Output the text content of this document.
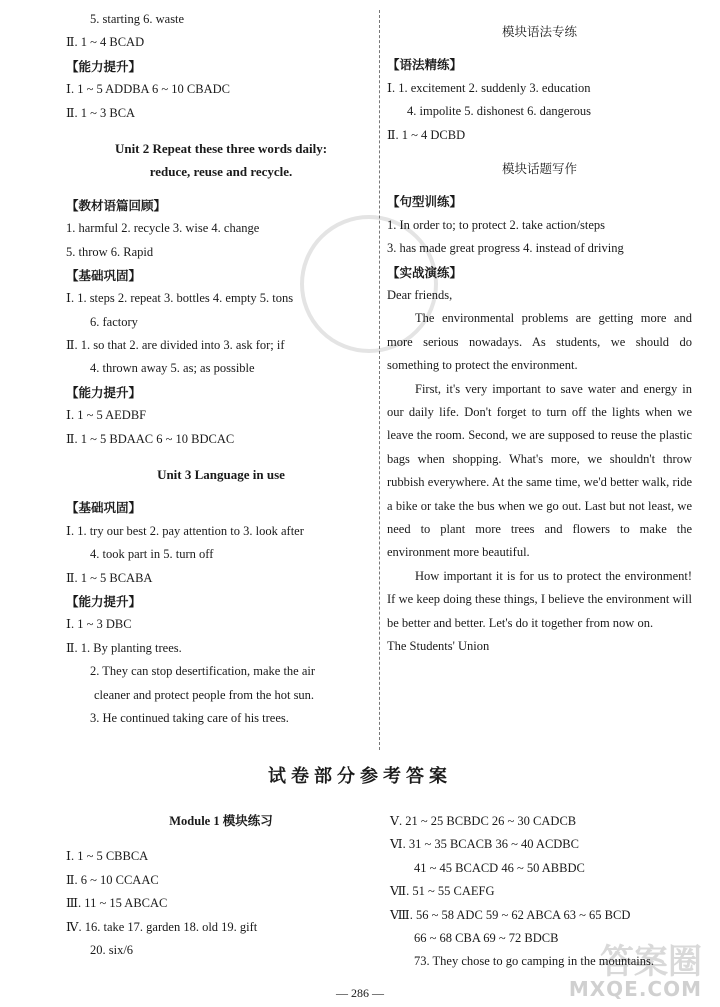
答案圈
MXQE.COM
5. starting 6. waste
Ⅱ. 1 ~ 4 BCAD
【能力提升】
Ⅰ. 1 ~ 5 ADDBA 6 ~ 10 CBADC
Ⅱ. 1 ~ 3 BCA
Unit 2 Repeat these three words daily:
reduce, reuse and recycle.
【教材语篇回顾】
1. harmful 2. recycle 3. wise 4. change
5. throw 6. Rapid
【基础巩固】
Ⅰ. 1. steps 2. repeat 3. bottles 4. empty 5. tons
6. factory
Ⅱ. 1. so that 2. are divided into 3. ask for; if
4. thrown away 5. as; as possible
【能力提升】
Ⅰ. 1 ~ 5 AEDBF
Ⅱ. 1 ~ 5 BDAAC 6 ~ 10 BDCAC
Unit 3 Language in use
【基础巩固】
Ⅰ. 1. try our best 2. pay attention to 3. look after
4. took part in 5. turn off
Ⅱ. 1 ~ 5 BCABA
【能力提升】
Ⅰ. 1 ~ 3 DBC
Ⅱ. 1. By planting trees.
2. They can stop desertification, make the air
cleaner and protect people from the hot sun.
3. He continued taking care of his trees.
模块语法专练
【语法精练】
Ⅰ. 1. excitement 2. suddenly 3. education
4. impolite 5. dishonest 6. dangerous
Ⅱ. 1 ~ 4 DCBD
模块话题写作
【句型训练】
1. In order to; to protect 2. take action/steps
3. has made great progress 4. instead of driving
【实战演练】
Dear friends,

The environmental problems are getting more and more serious nowadays. As students, we should do something to protect the environment.

First, it's very important to save water and energy in our daily life. Don't forget to turn off the lights when we leave the room. Second, we are supposed to reuse the plastic bags when shopping. What's more, we shouldn't throw rubbish everywhere. At the same time, we'd better walk, ride a bike or take the bus when we go out. Last but not least, we need to plant more trees and flowers to make the environment more beautiful.

How important it is for us to protect the environment! If we keep doing these things, I believe the environment will be better and better. Let's do it together from now on.

The Students' Union
试卷部分参考答案
Module 1 模块练习
Ⅰ. 1 ~ 5 CBBCA
Ⅱ. 6 ~ 10 CCAAC
Ⅲ. 11 ~ 15 ABCAC
Ⅳ. 16. take 17. garden 18. old 19. gift
20. six/6
Ⅴ. 21 ~ 25 BCBDC 26 ~ 30 CADCB
Ⅵ. 31 ~ 35 BCACB 36 ~ 40 ACDBC
41 ~ 45 BCACD 46 ~ 50 ABBDC
Ⅶ. 51 ~ 55 CAEFG
Ⅷ. 56 ~ 58 ADC 59 ~ 62 ABCA 63 ~ 65 BCD
66 ~ 68 CBA 69 ~ 72 BDCB
73. They chose to go camping in the mountains.
— 286 —
